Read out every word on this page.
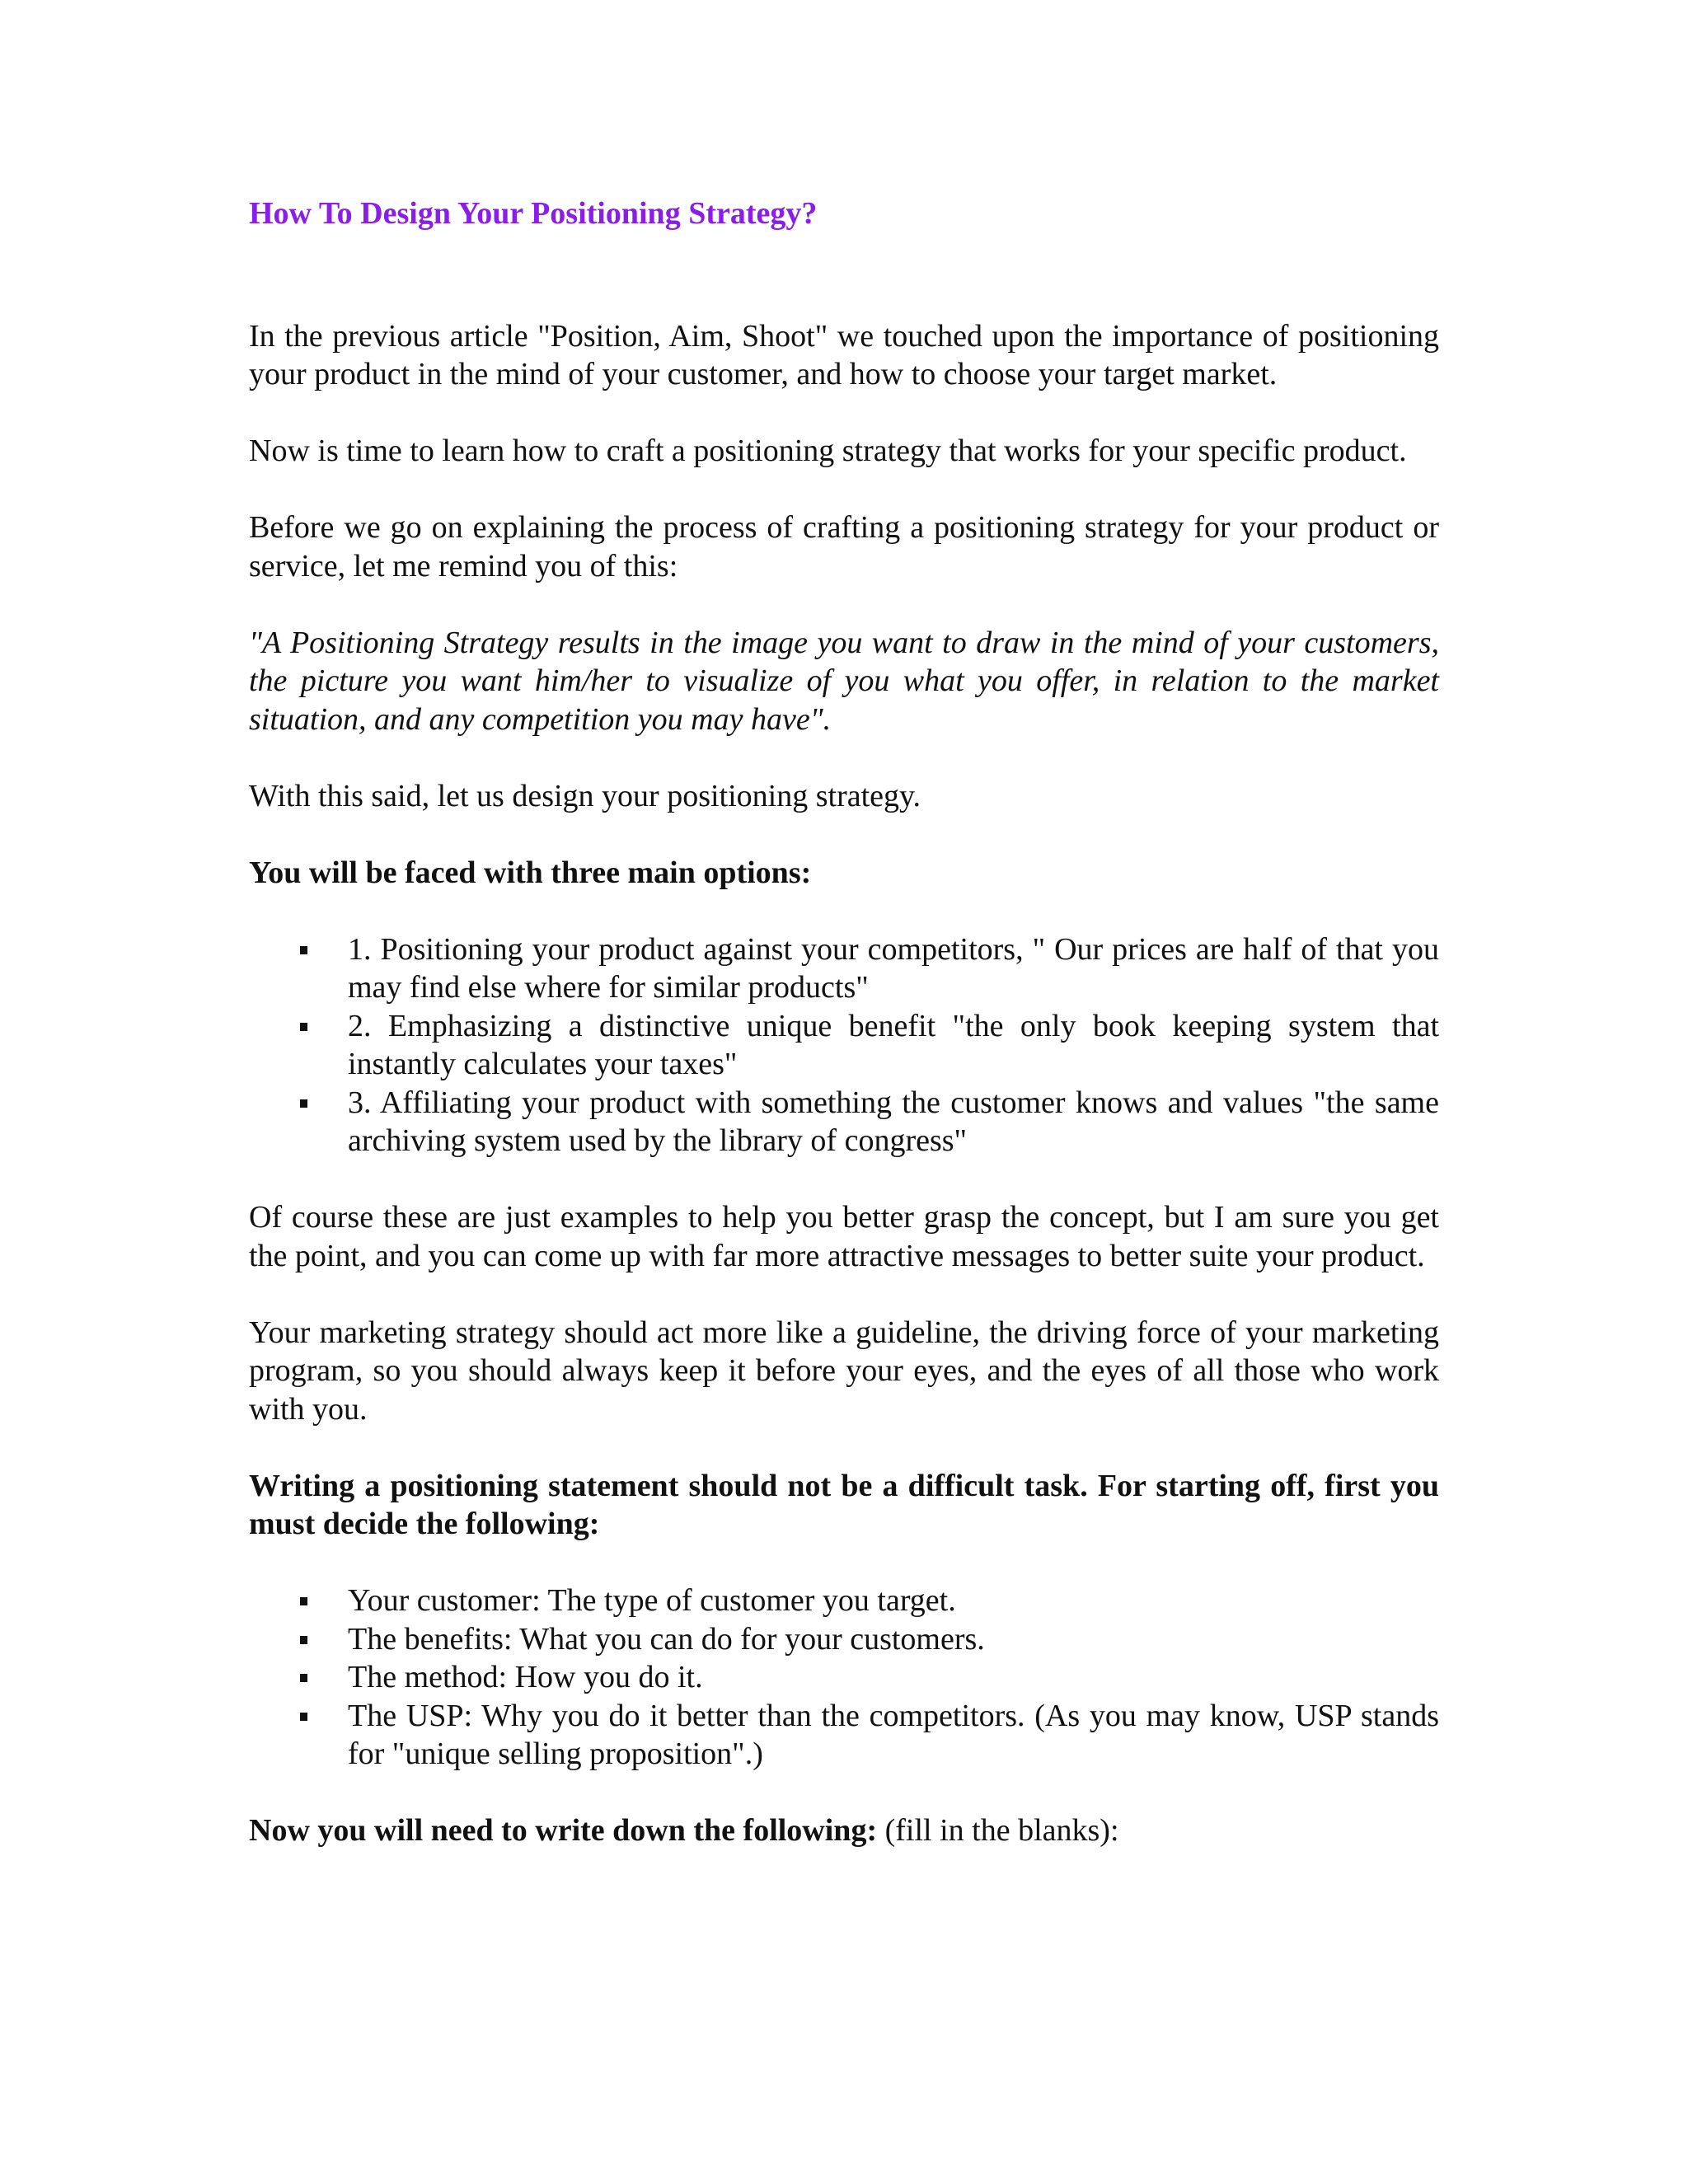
How To Design Your Positioning Strategy?
In the previous article "Position, Aim, Shoot" we touched upon the importance of positioning your product in the mind of your customer, and how to choose your target market.
Now is time to learn how to craft a positioning strategy that works for your specific product.
Before we go on explaining the process of crafting a positioning strategy for your product or service, let me remind you of this:
"A Positioning Strategy results in the image you want to draw in the mind of your customers, the picture you want him/her to visualize of you what you offer, in relation to the market situation, and any competition you may have".
With this said, let us design your positioning strategy.
You will be faced with three main options:
1. Positioning your product against your competitors, " Our prices are half of that you may find else where for similar products"
2. Emphasizing a distinctive unique benefit "the only book keeping system that instantly calculates your taxes"
3. Affiliating your product with something the customer knows and values "the same archiving system used by the library of congress"
Of course these are just examples to help you better grasp the concept, but I am sure you get the point, and you can come up with far more attractive messages to better suite your product.
Your marketing strategy should act more like a guideline, the driving force of your marketing program, so you should always keep it before your eyes, and the eyes of all those who work with you.
Writing a positioning statement should not be a difficult task. For starting off, first you must decide the following:
Your customer: The type of customer you target.
The benefits: What you can do for your customers.
The method: How you do it.
The USP: Why you do it better than the competitors. (As you may know, USP stands for "unique selling proposition".)
Now you will need to write down the following: (fill in the blanks):
